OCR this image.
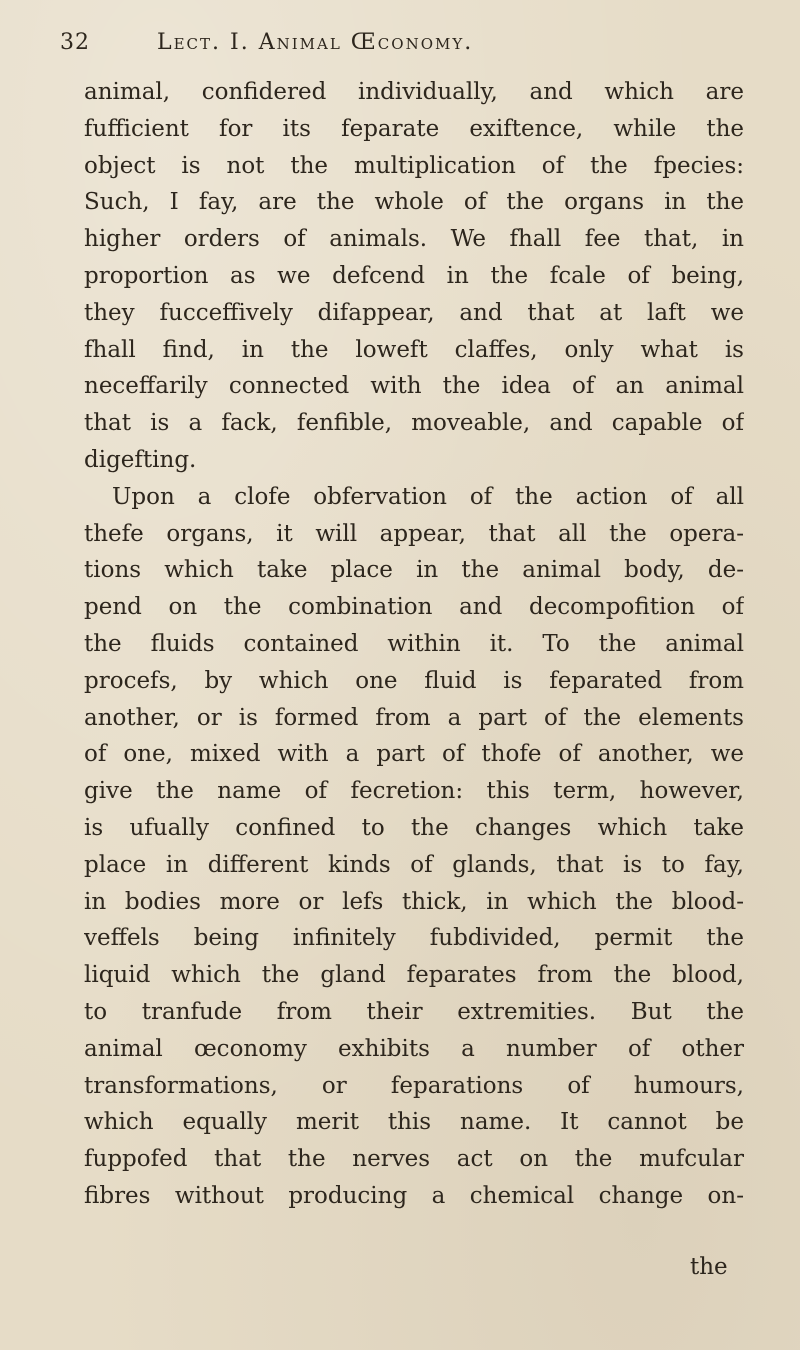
32	Lect. I. Animal Œconomy.
animal, confidered individually, and which are
fufficient for its feparate exiftence, while the
object is not the multiplication of the fpecies:
Such, I fay, are the whole of the organs in the
higher orders of animals. We fhall fee that, in
proportion as we defcend in the fcale of being,
they fucceffively difappear, and that at laft we
fhall find, in the loweft claffes, only what is
neceffarily connected with the idea of an animal
that is a fack, fenfible, moveable, and capable of
digefting.
Upon a clofe obfervation of the action of all
thefe organs, it will appear, that all the opera-
tions which take place in the animal body, de-
pend on the combination and decompofition of
the fluids contained within it. To the animal
procefs, by which one fluid is feparated from
another, or is formed from a part of the elements
of one, mixed with a part of thofe of another, we
give the name of fecretion: this term, however,
is ufually confined to the changes which take
place in different kinds of glands, that is to fay,
in bodies more or lefs thick, in which the blood-
veffels being infinitely fubdivided, permit the
liquid which the gland feparates from the blood,
to tranfude from their extremities. But the
animal œconomy exhibits a number of other
transformations, or feparations of humours,
which equally merit this name. It cannot be
fuppofed that the nerves act on the mufcular
fibres without producing a chemical change on-
the
